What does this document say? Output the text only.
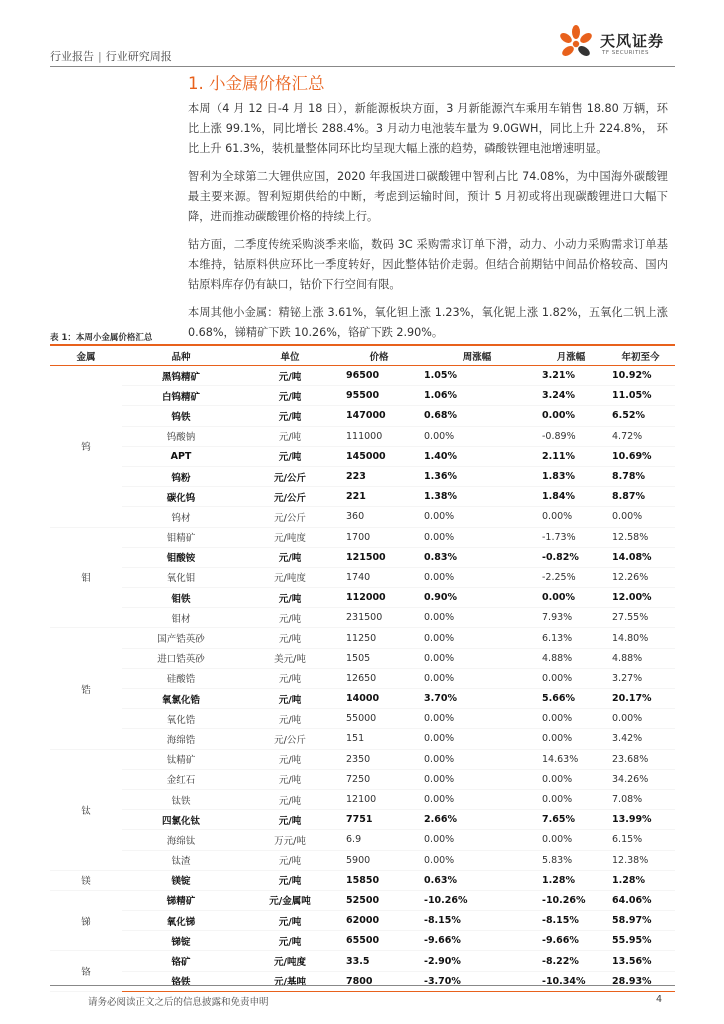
行业报告 | 行业研究周报
天风证券
TF SECURITIES
1. 小金属价格汇总

本周（4 月 12 日-4 月 18 日），新能源板块方面，3 月新能源汽车乘用车销售 18.80 万辆，环比上涨 99.1%，同比增长 288.4%。3 月动力电池装车量为 9.0GWH，同比上升 224.8%， 环比上升 61.3%，装机量整体同环比均呈现大幅上涨的趋势，磷酸铁锂电池增速明显。

智利为全球第二大锂供应国，2020 年我国进口碳酸锂中智利占比 74.08%，为中国海外碳酸锂最主要来源。智利短期供给的中断，考虑到运输时间，预计 5 月初或将出现碳酸锂进口大幅下降，进而推动碳酸锂价格的持续上行。

钴方面，二季度传统采购淡季来临，数码 3C 采购需求订单下滑，动力、小动力采购需求订单基本维持，钴原料供应环比一季度转好，因此整体钴价走弱。但结合前期钴中间品价格较高、国内钴原料库存仍有缺口，钴价下行空间有限。

本周其他小金属：精铋上涨 3.61%，氧化钽上涨 1.23%，氧化铌上涨 1.82%，五氧化二钒上涨 0.68%，锑精矿下跌 10.26%，铬矿下跌 2.90%。

表 1：本周小金属价格汇总
金属	品种	单位	价格	周涨幅	月涨幅	年初至今
钨	黑钨精矿	元/吨	96500	1.05%	3.21%	10.92%
	白钨精矿	元/吨	95500	1.06%	3.24%	11.05%
	钨铁	元/吨	147000	0.68%	0.00%	6.52%
	钨酸钠	元/吨	111000	0.00%	-0.89%	4.72%
	APT	元/吨	145000	1.40%	2.11%	10.69%
	钨粉	元/公斤	223	1.36%	1.83%	8.78%
	碳化钨	元/公斤	221	1.38%	1.84%	8.87%
	钨材	元/公斤	360	0.00%	0.00%	0.00%
钼	钼精矿	元/吨度	1700	0.00%	-1.73%	12.58%
	钼酸铵	元/吨	121500	0.83%	-0.82%	14.08%
	氧化钼	元/吨度	1740	0.00%	-2.25%	12.26%
	钼铁	元/吨	112000	0.90%	0.00%	12.00%
	钼材	元/吨	231500	0.00%	7.93%	27.55%
锆	国产锆英砂	元/吨	11250	0.00%	6.13%	14.80%
	进口锆英砂	美元/吨	1505	0.00%	4.88%	4.88%
	硅酸锆	元/吨	12650	0.00%	0.00%	3.27%
	氧氯化锆	元/吨	14000	3.70%	5.66%	20.17%
	氧化锆	元/吨	55000	0.00%	0.00%	0.00%
	海绵锆	元/公斤	151	0.00%	0.00%	3.42%
钛	钛精矿	元/吨	2350	0.00%	14.63%	23.68%
	金红石	元/吨	7250	0.00%	0.00%	34.26%
	钛铁	元/吨	12100	0.00%	0.00%	7.08%
	四氯化钛	元/吨	7751	2.66%	7.65%	13.99%
	海绵钛	万元/吨	6.9	0.00%	0.00%	6.15%
	钛渣	元/吨	5900	0.00%	5.83%	12.38%
镁	镁锭	元/吨	15850	0.63%	1.28%	1.28%
锑	锑精矿	元/金属吨	52500	-10.26%	-10.26%	64.06%
	氧化锑	元/吨	62000	-8.15%	-8.15%	58.97%
	锑锭	元/吨	65500	-9.66%	-9.66%	55.95%
铬	铬矿	元/吨度	33.5	-2.90%	-8.22%	13.56%
	铬铁	元/基吨	7800	-3.70%	-10.34%	28.93%
请务必阅读正文之后的信息披露和免责申明	4
